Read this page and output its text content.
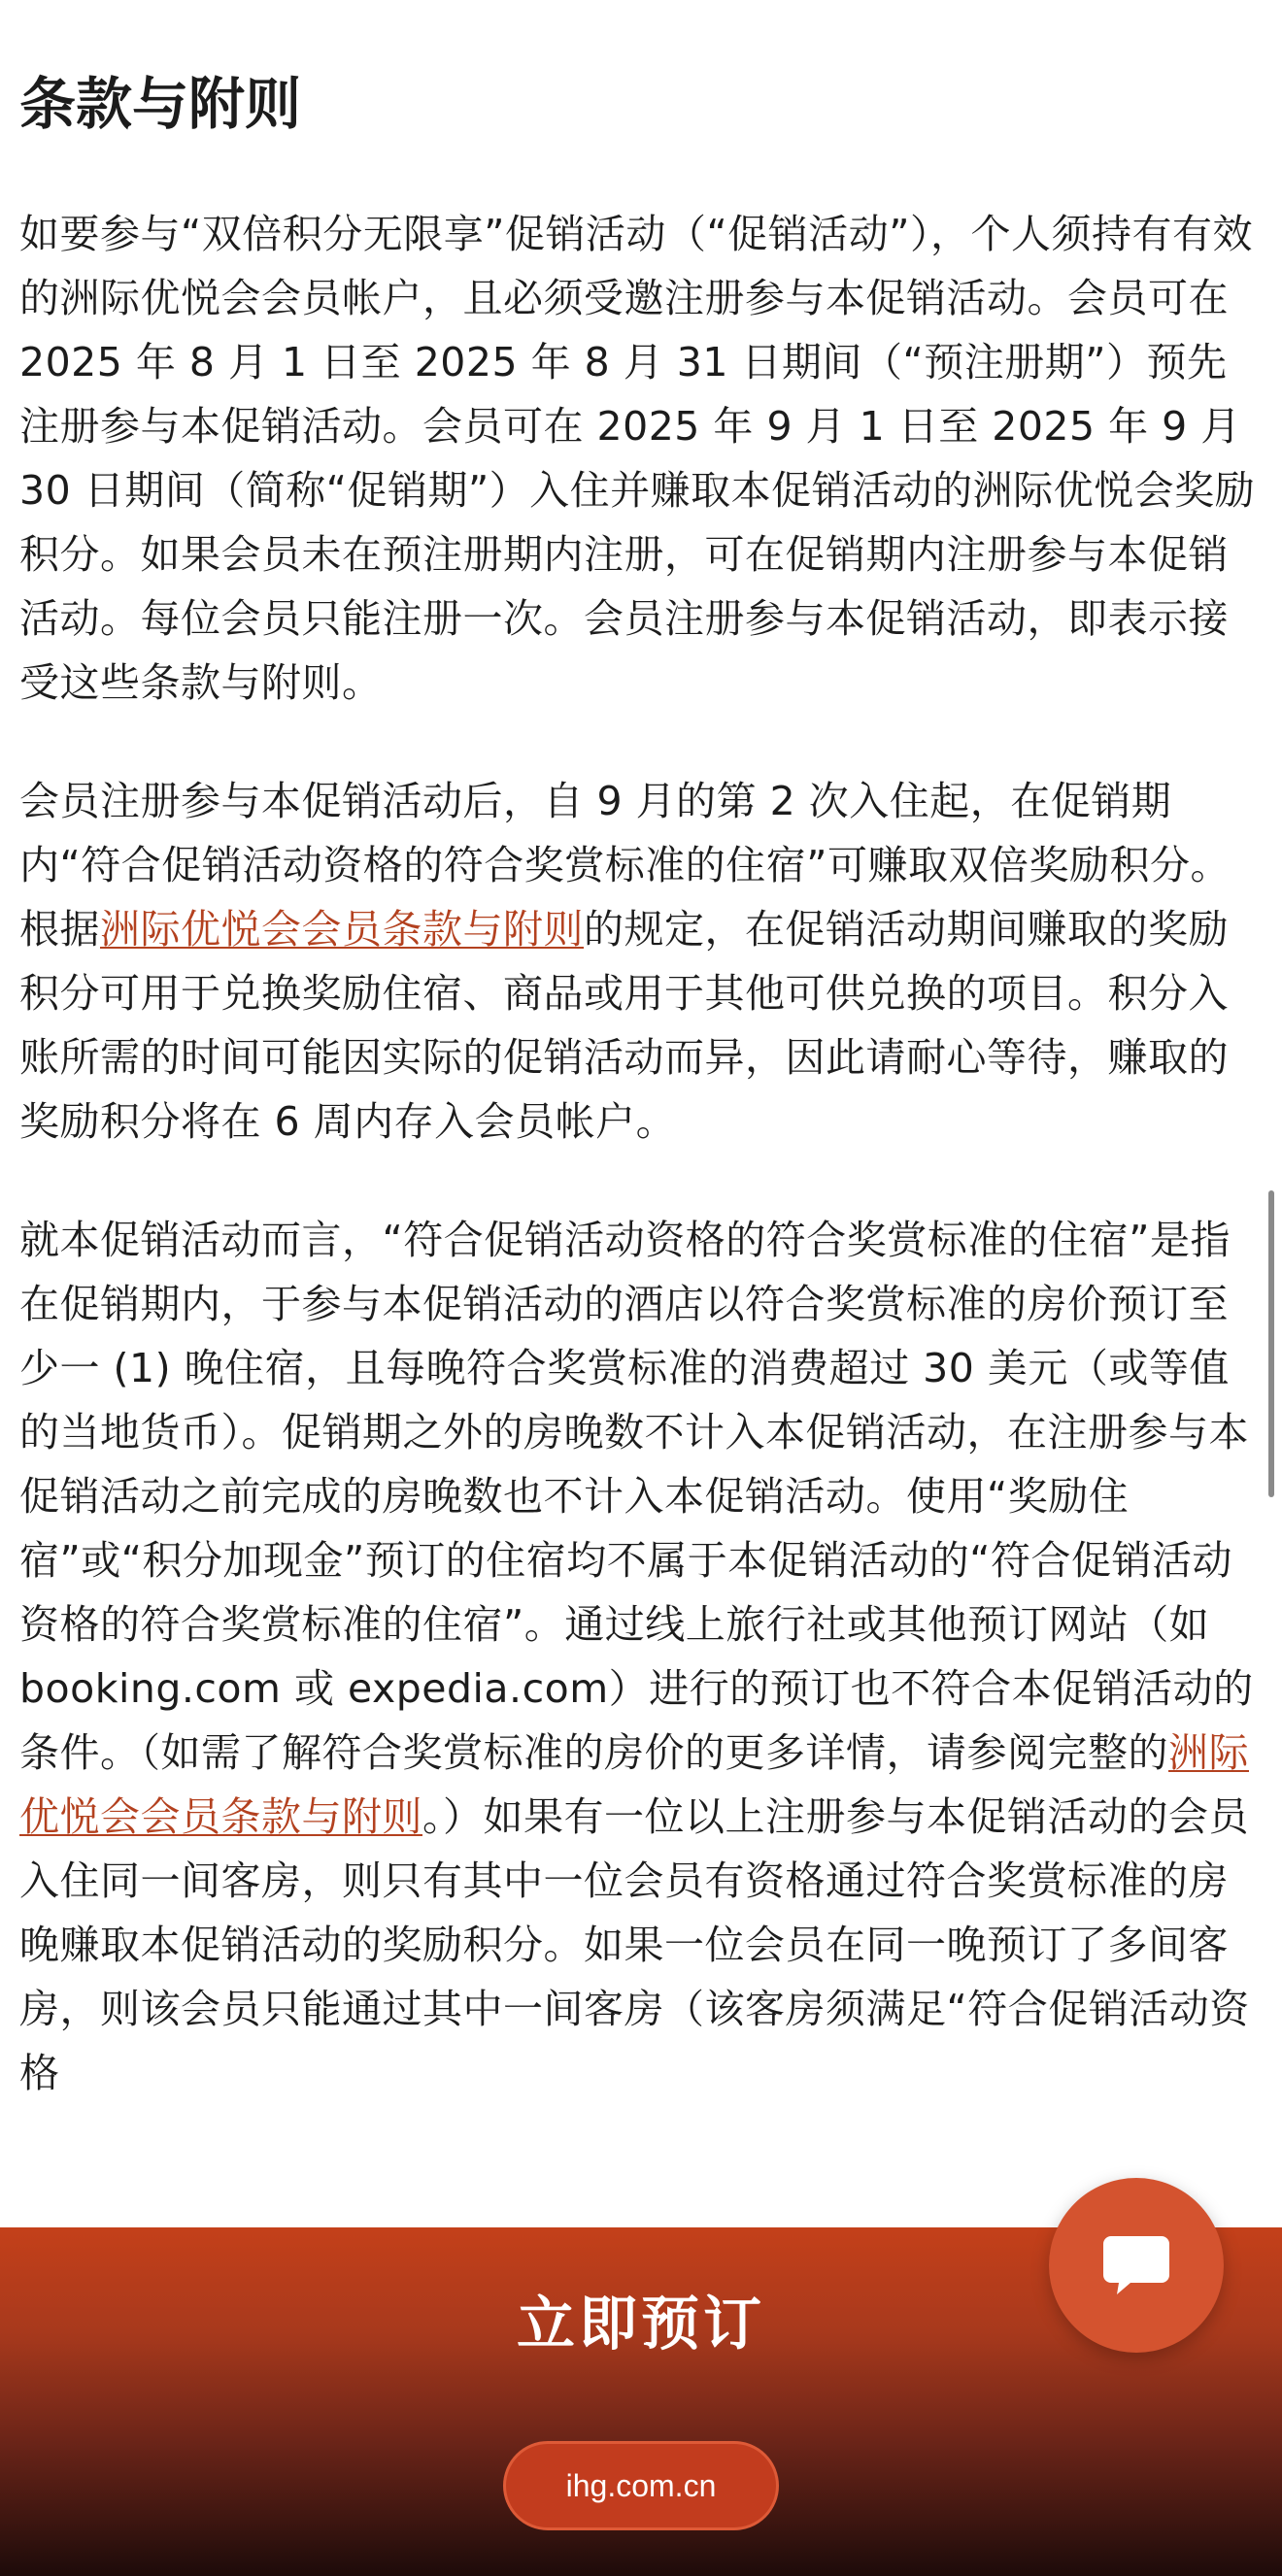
条款与附则

如要参与“双倍积分无限享”促销活动（“促销活动”），个人须持有有效的洲际优悦会会员帐户，且必须受邀注册参与本促销活动。会员可在 2025 年 8 月 1 日至 2025 年 8 月 31 日期间（“预注册期”）预先注册参与本促销活动。会员可在 2025 年 9 月 1 日至 2025 年 9 月 30 日期间（简称“促销期”）入住并赚取本促销活动的洲际优悦会奖励积分。如果会员未在预注册期内注册，可在促销期内注册参与本促销活动。每位会员只能注册一次。会员注册参与本促销活动，即表示接受这些条款与附则。

会员注册参与本促销活动后，自 9 月的第 2 次入住起，在促销期内“符合促销活动资格的符合奖赏标准的住宿”可赚取双倍奖励积分。根据洲际优悦会会员条款与附则的规定，在促销活动期间赚取的奖励积分可用于兑换奖励住宿、商品或用于其他可供兑换的项目。积分入账所需的时间可能因实际的促销活动而异，因此请耐心等待，赚取的奖励积分将在 6 周内存入会员帐户。

就本促销活动而言，“符合促销活动资格的符合奖赏标准的住宿”是指在促销期内，于参与本促销活动的酒店以符合奖赏标准的房价预订至少一 (1) 晚住宿，且每晚符合奖赏标准的消费超过 30 美元（或等值的当地货币）。促销期之外的房晚数不计入本促销活动，在注册参与本促销活动之前完成的房晚数也不计入本促销活动。使用“奖励住宿”或“积分加现金”预订的住宿均不属于本促销活动的“符合促销活动资格的符合奖赏标准的住宿”。通过线上旅行社或其他预订网站（如 booking.com 或 expedia.com）进行的预订也不符合本促销活动的条件。（如需了解符合奖赏标准的房价的更多详情，请参阅完整的洲际优悦会会员条款与附则。）如果有一位以上注册参与本促销活动的会员入住同一间客房，则只有其中一位会员有资格通过符合奖赏标准的房晚赚取本促销活动的奖励积分。如果一位会员在同一晚预订了多间客房，则该会员只能通过其中一间客房（该客房须满足“符合促销活动资格

立即预订
ihg.com.cn
